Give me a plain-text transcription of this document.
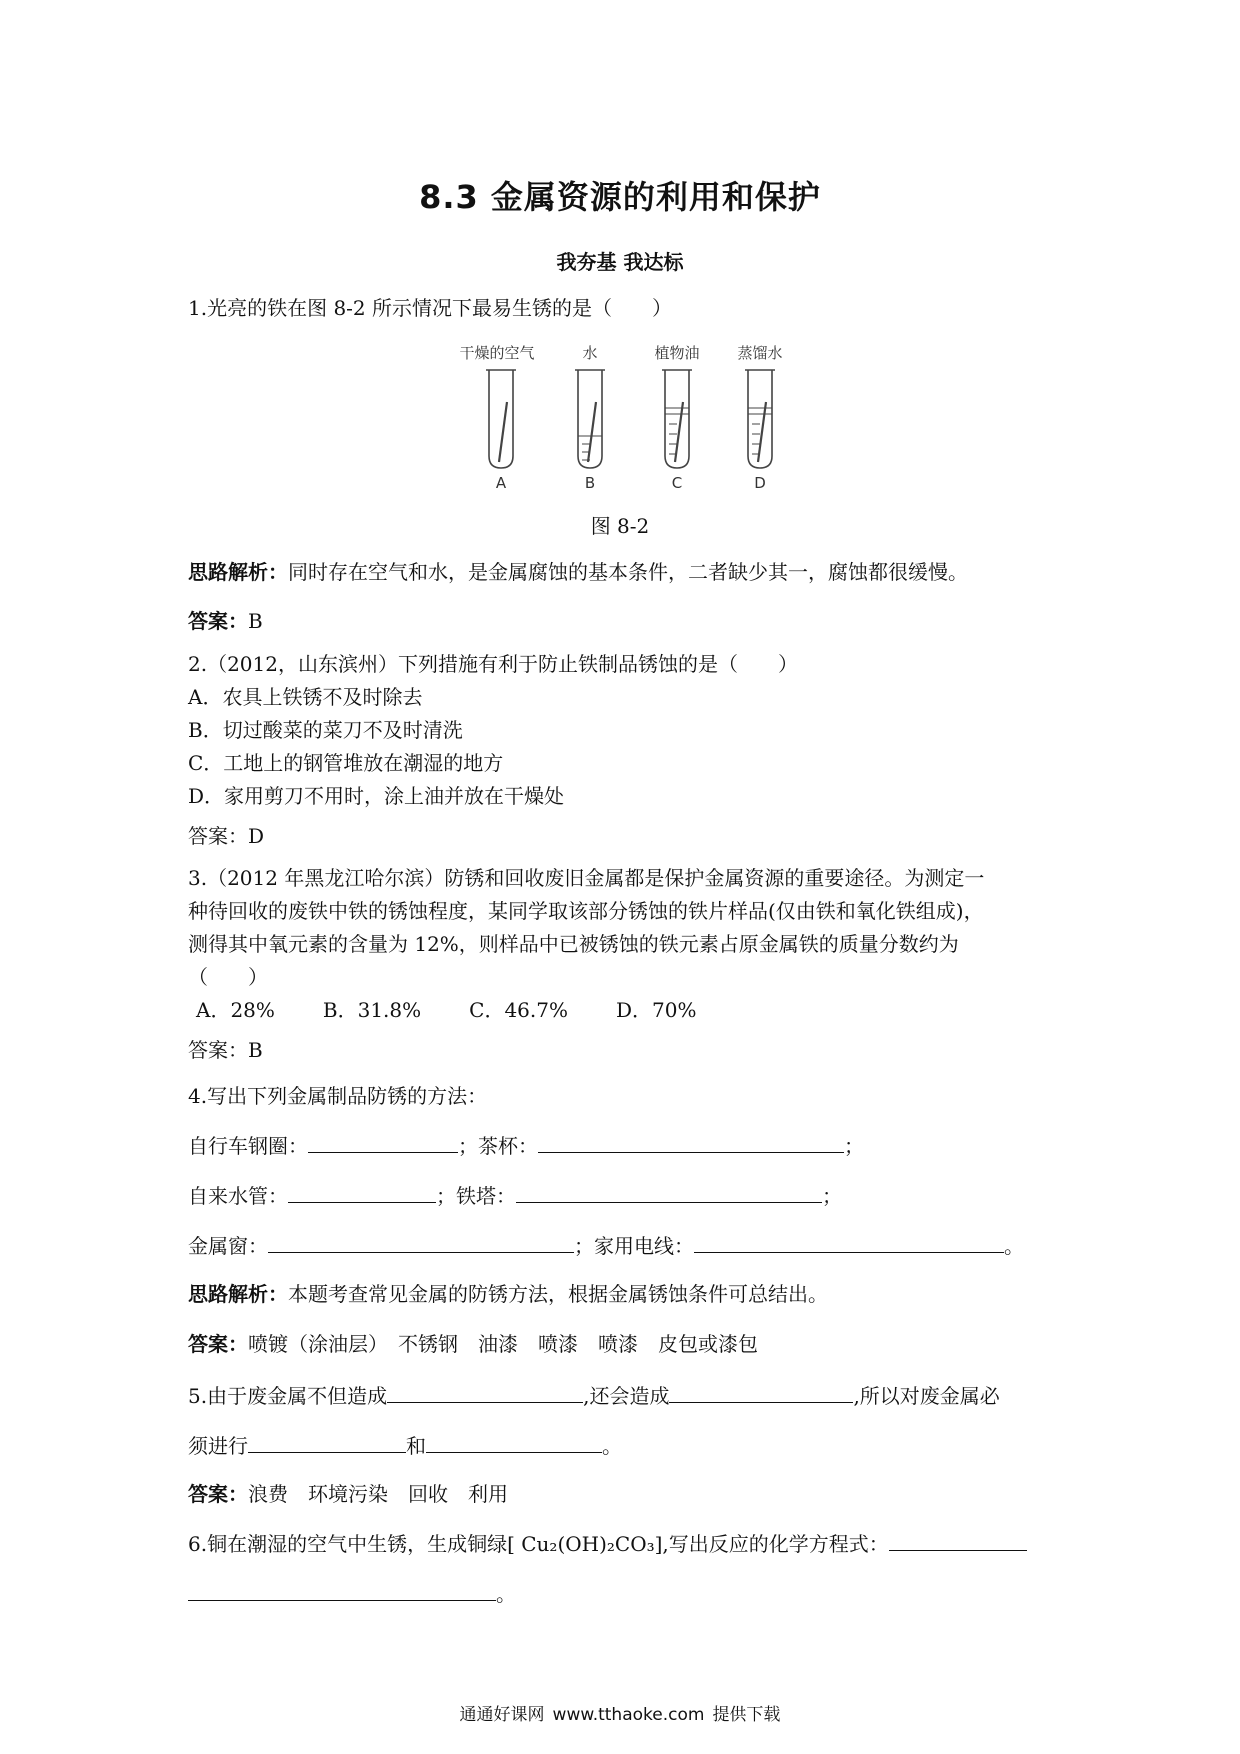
8.3 金属资源的利用和保护
我夯基 我达标
1.光亮的铁在图 8-2 所示情况下最易生锈的是（　　）
干燥的空气	水	植物油	蒸馏水
A	B	C	D
图 8-2
思路解析：同时存在空气和水，是金属腐蚀的基本条件，二者缺少其一，腐蚀都很缓慢。
答案：B
2.（2012，山东滨州）下列措施有利于防止铁制品锈蚀的是（　　）
A．农具上铁锈不及时除去
B．切过酸菜的菜刀不及时清洗
C．工地上的钢管堆放在潮湿的地方
D．家用剪刀不用时，涂上油并放在干燥处
答案：D
3.（2012 年黑龙江哈尔滨）防锈和回收废旧金属都是保护金属资源的重要途径。为测定一
种待回收的废铁中铁的锈蚀程度，某同学取该部分锈蚀的铁片样品(仅由铁和氧化铁组成)，
测得其中氧元素的含量为 12%，则样品中已被锈蚀的铁元素占原金属铁的质量分数约为
（　　）
A．28% B．31.8% C．46.7% D．70%
答案：B
4.写出下列金属制品防锈的方法：
自行车钢圈：	；茶杯：	；
自来水管：	；铁塔：	；
金属窗：	；家用电线：	。
思路解析：本题考查常见金属的防锈方法，根据金属锈蚀条件可总结出。
答案：喷镀（涂油层）　不锈钢　油漆　喷漆　喷漆　皮包或漆包
5.由于废金属不但造成	,还会造成	,所以对废金属必
须进行	和	。
答案：浪费　环境污染　回收　利用
6.铜在潮湿的空气中生锈，生成铜绿[ Cu₂(OH)₂CO₃],写出反应的化学方程式：
。
通通好课网 www.tthaoke.com 提供下载
